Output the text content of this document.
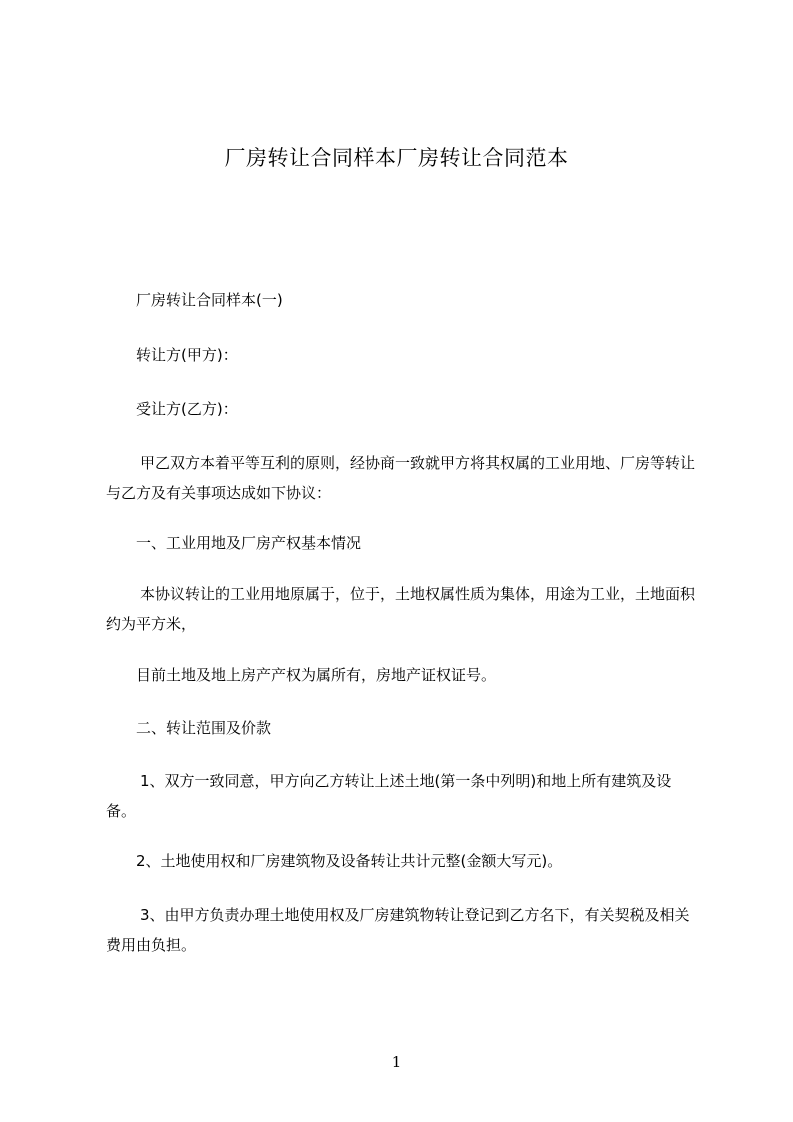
厂房转让合同样本厂房转让合同范本
厂房转让合同样本(一)
转让方(甲方)：
受让方(乙方)：
甲乙双方本着平等互利的原则，经协商一致就甲方将其权属的工业用地、厂房等转让与乙方及有关事项达成如下协议：
一、工业用地及厂房产权基本情况
本协议转让的工业用地原属于，位于，土地权属性质为集体，用途为工业，土地面积约为平方米，
目前土地及地上房产产权为属所有，房地产证权证号。
二、转让范围及价款
1、双方一致同意，甲方向乙方转让上述土地(第一条中列明)和地上所有建筑及设备。
2、土地使用权和厂房建筑物及设备转让共计元整(金额大写元)。
3、由甲方负责办理土地使用权及厂房建筑物转让登记到乙方名下，有关契税及相关费用由负担。
1
